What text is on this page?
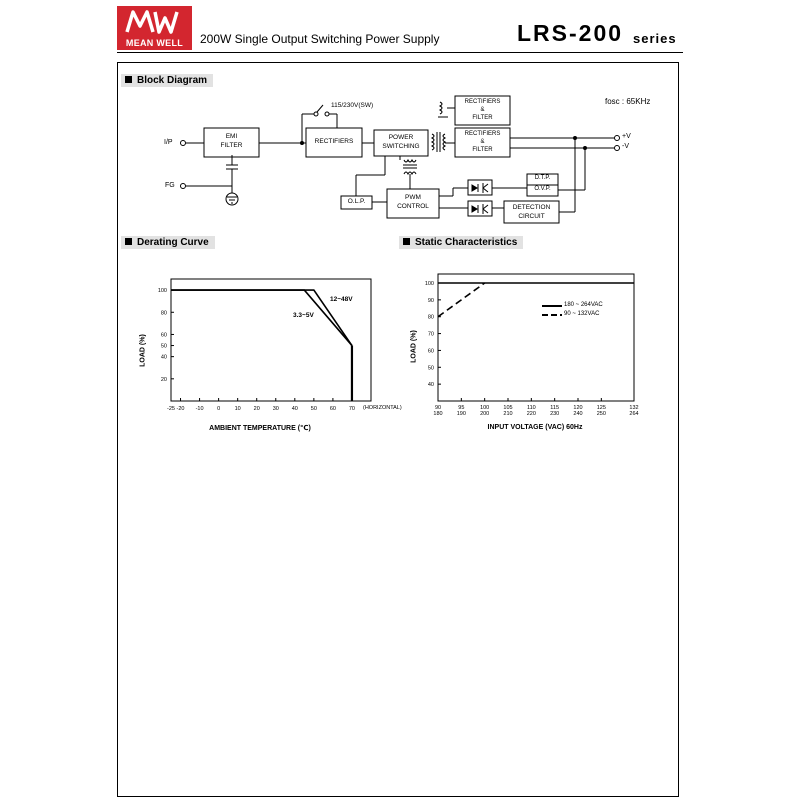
MEAN WELL	200W Single Output Switching Power Supply	LRS-200 series
Block Diagram
Derating Curve	Static Characteristics
fosc : 65KHz
I/P
FG
115/230V(SW)
EMI
FILTER
RECTIFIERS
POWER
SWITCHING
RECTIFIERS
&
FILTER
RECTIFIERS
&
FILTER
+V
-V
O.L.P.
PWM
CONTROL
D.T.P.
O.V.P.
DETECTION
CIRCUIT
100
80
60
50
40
20
-25 -20 -10 0	10 20 30 40 50 60 70
LOAD (%)
AMBIENT TEMPERATURE (℃)
(HORIZONTAL)
12~48V
3.3~5V
100
90
80
70
60
50
40
90
180
95
190
100
200
105
210
110
220
115
230
120
240
125
250
132
264
LOAD (%)
INPUT VOLTAGE (VAC) 60Hz
180 ~ 264VAC
90 ~ 132VAC
